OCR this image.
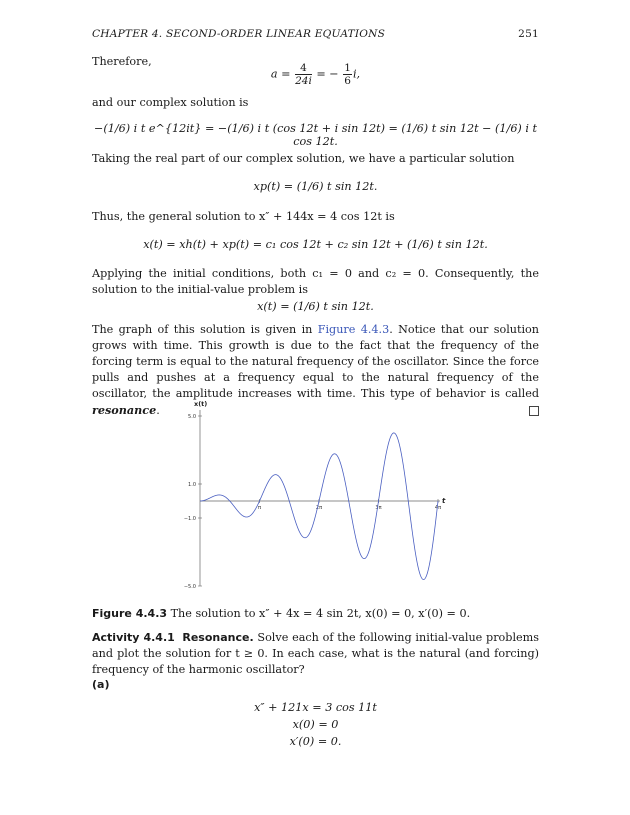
CHAPTER 4. SECOND-ORDER LINEAR EQUATIONS	251
Therefore,
$a = \frac{4}{24i}$ = − $\frac{1}{6} i$,
and our complex solution is
−(1/6) i t e^{12it} = −(1/6) i t (cos 12t + i sin 12t) = (1/6) t sin 12t − (1/6) i t cos 12t.
Taking the real part of our complex solution, we have a particular solution
xp(t) = (1/6) t sin 12t.
Thus, the general solution to x″ + 144x = 4 cos 12t is
x(t) = xh(t) + xp(t) = c₁ cos 12t + c₂ sin 12t + (1/6) t sin 12t.
Applying the initial conditions, both c₁ = 0 and c₂ = 0. Consequently, the solution to the initial-value problem is
x(t) = (1/6) t sin 12t.
The graph of this solution is given in Figure 4.4.3. Notice that our solution grows with time. This growth is due to the fact that the frequency of the forcing term is equal to the natural frequency of the oscillator. Since the force pulls and pushes at a frequency equal to the natural frequency of the oscillator, the amplitude increases with time. This type of behavior is called resonance.	5.0
1.0
−1.0
−5.0
π	2π	3π	4π
x(t)
t
Figure 4.4.3 The solution to x″ + 4x = 4 sin 2t, x(0) = 0, x′(0) = 0.
Activity 4.4.1 Resonance. Solve each of the following initial-value problems and plot the solution for t ≥ 0. In each case, what is the natural (and forcing) frequency of the harmonic oscillator?
(a)
x″ + 121x = 3 cos 11t
x(0) = 0
x′(0) = 0.
